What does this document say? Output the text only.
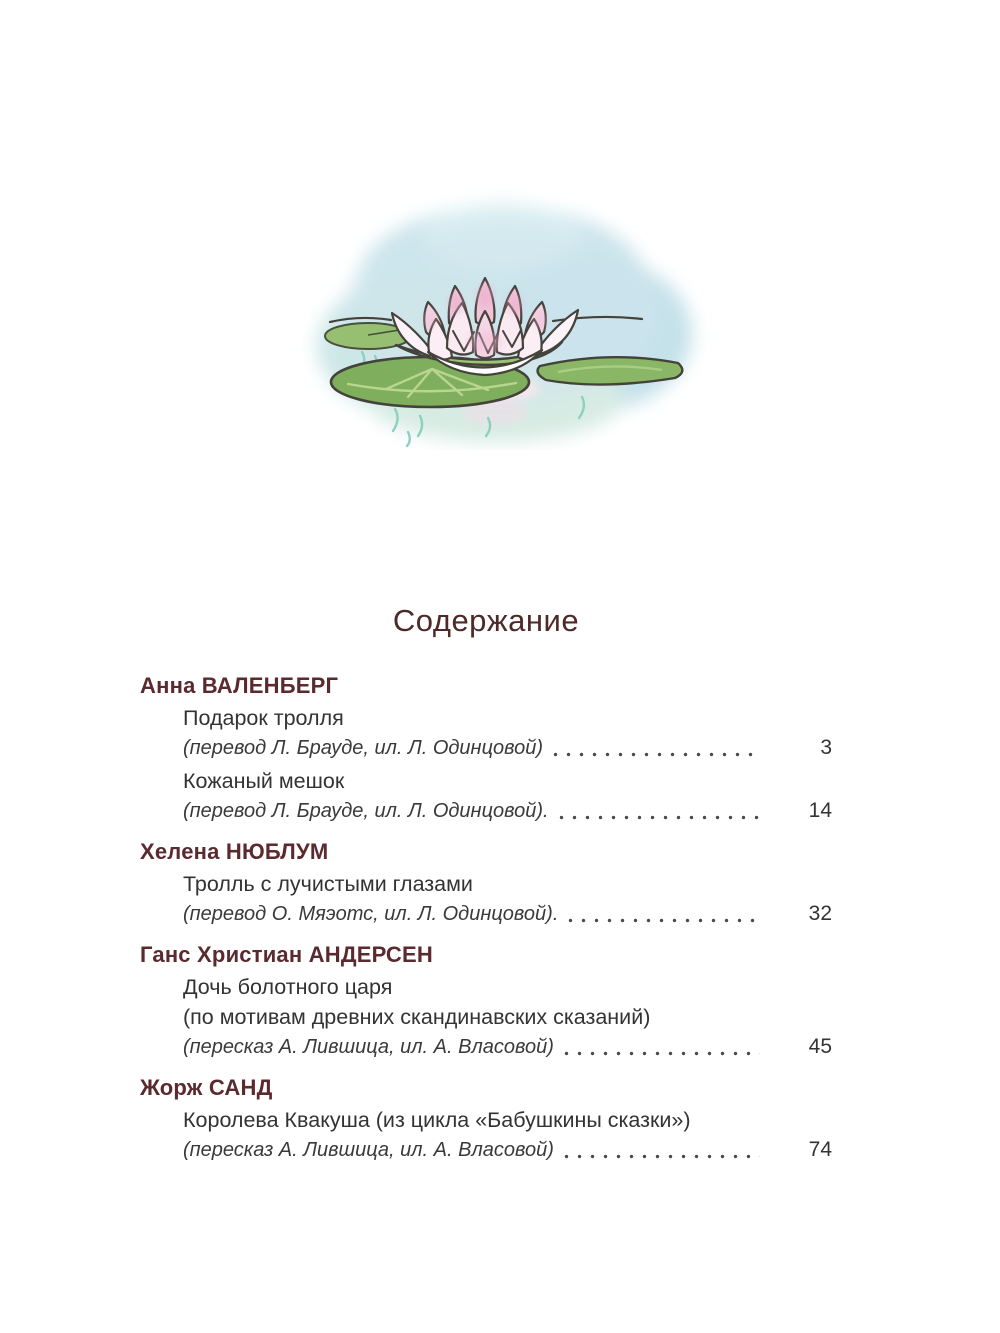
Содержание
Анна ВАЛЕНБЕРГ
Подарок тролля
(перевод Л. Брауде, ил. Л. Одинцовой)	3
Кожаный мешок
(перевод Л. Брауде, ил. Л. Одинцовой).	14
Хелена НЮБЛУМ
Тролль с лучистыми глазами
(перевод О. Мяэотс, ил. Л. Одинцовой).	32
Ганс Христиан АНДЕРСЕН
Дочь болотного царя
(по мотивам древних скандинавских сказаний)
(пересказ А. Лившица, ил. А. Власовой)	45
Жорж САНД
Королева Квакуша (из цикла «Бабушкины сказки»)
(пересказ А. Лившица, ил. А. Власовой)	74
